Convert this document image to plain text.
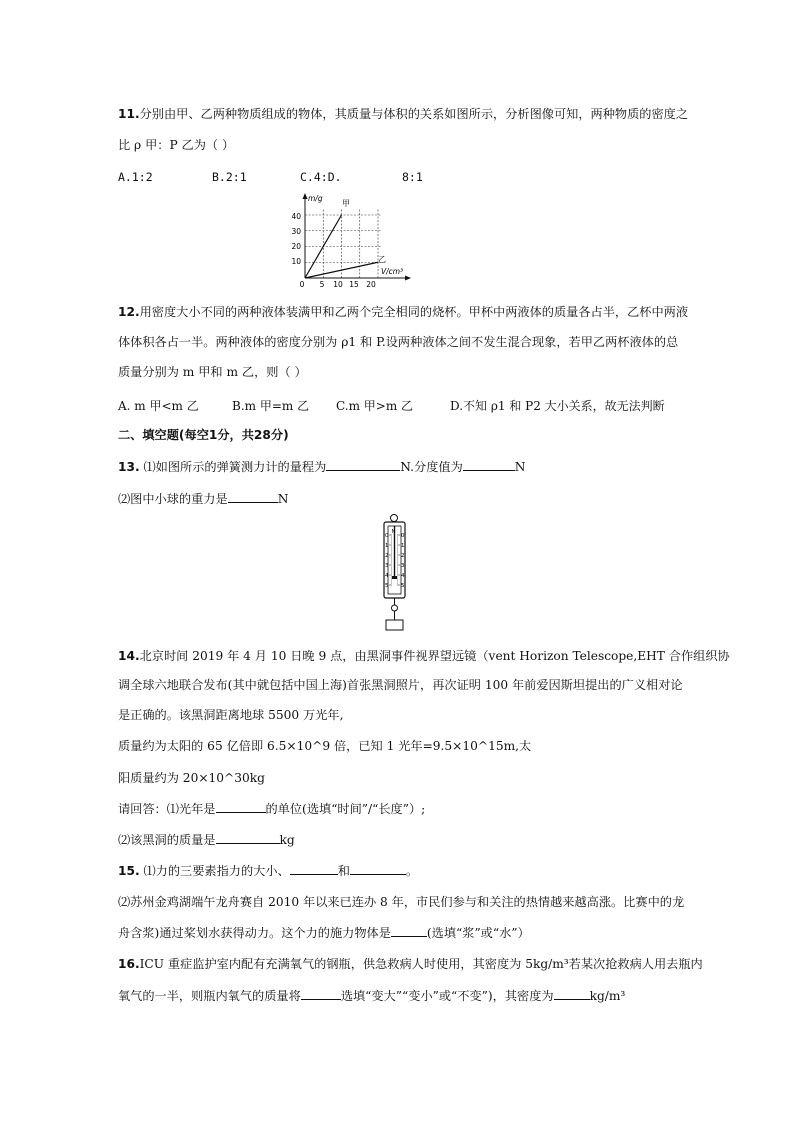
11.分别由甲、乙两种物质组成的物体，其质量与体积的关系如图所示，分析图像可知，两种物质的密度之
比 ρ 甲：P 乙为（ ）
A.1:2	B.2:1	C.4:D.	8:1
m/g
V/cm³
甲
乙
40
30
20
10
0 5 10 15 20
12.用密度大小不同的两种液体装满甲和乙两个完全相同的烧杯。甲杯中两液体的质量各占半，乙杯中两液
体体积各占一半。两种液体的密度分别为 ρ1 和 P.设两种液体之间不发生混合现象，若甲乙两杯液体的总
质量分别为 m 甲和 m 乙，则（ ）
A. m 甲<m 乙	B.m 甲=m 乙 C.m 甲>m 乙	D.不知 ρ1 和 P2 大小关系，故无法判断
二、填空题(每空1分，共28分)
13. ⑴如图所示的弹簧测力计的量程为	N.分度值为	N
⑵图中小球的重力是	N
N
0
1
2
3
4
5
0
1
2
3
4
5
14.北京时间 2019 年 4 月 10 日晚 9 点，由黑洞事件视界望远镜（vent Horizon Telescope,EHT 合作组织协
调全球六地联合发布(其中就包括中国上海)首张黑洞照片，再次证明 100 年前爱因斯坦提出的广义相对论
是正确的。该黑洞距离地球 5500 万光年,
质量约为太阳的 65 亿倍即 6.5×10^9 倍，已知 1 光年=9.5×10^15m,太
阳质量约为 20×10^30kg
请回答：⑴光年是	的单位(选填“时间”/“长度”）;
⑵该黑洞的质量是	kg
15. ⑴力的三要素指力的大小、	和	。
⑵苏州金鸡湖端午龙舟赛自 2010 年以来已连办 8 年，市民们参与和关注的热情越来越高涨。比赛中的龙
舟含浆)通过桨划水获得动力。这个力的施力物体是	(选填“浆”或“水”）
16.ICU 重症监护室内配有充满氧气的钢瓶，供急救病人时使用，其密度为 5kg/m³若某次抢救病人用去瓶内
氧气的一半，则瓶内氧气的质量将	选填“变大”“变小”或“不变”)，其密度为	kg/m³
